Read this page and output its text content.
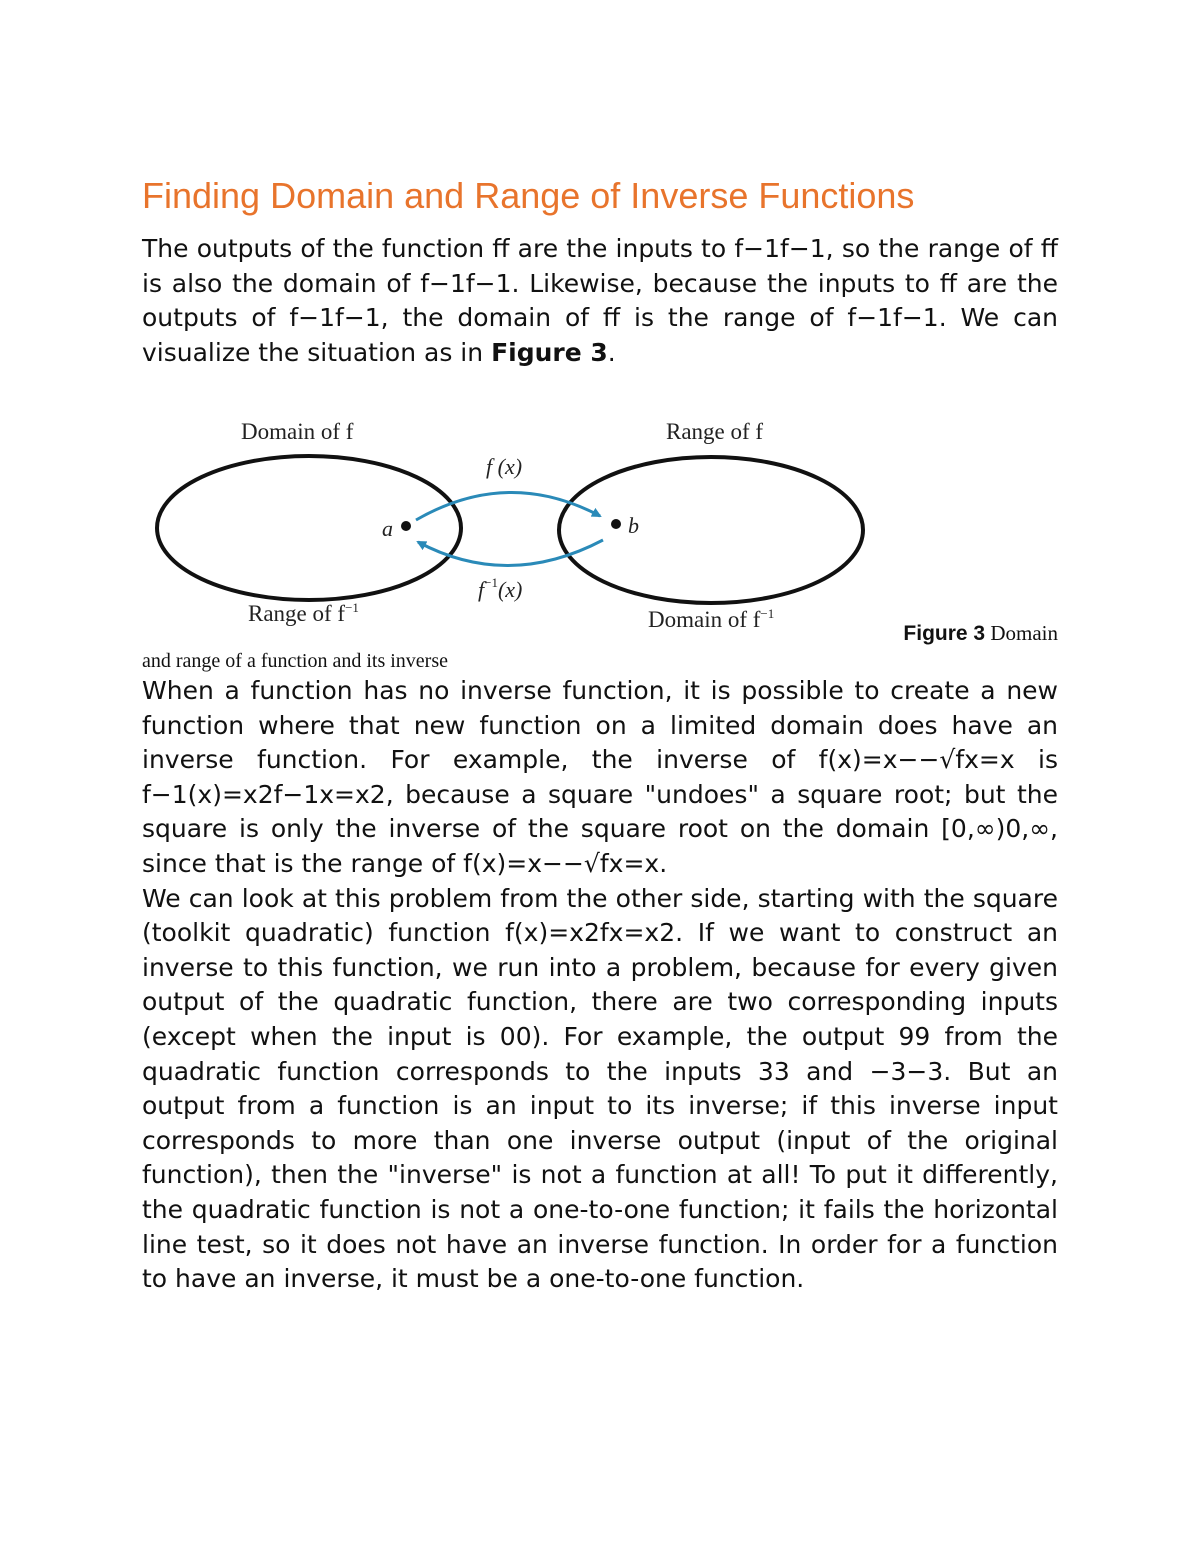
Finding Domain and Range of Inverse Functions

The outputs of the function ff are the inputs to f−1f−1, so the range of ff is also the domain of f−1f−1. Likewise, because the inputs to ff are the outputs of f−1f−1, the domain of ff is the range of f−1f−1. We can visualize the situation as in Figure 3.

Domain of f	Range of f
Range of $f^{-1}$	Domain of $f^{-1}$
f (x)
$f^{-1}(x)$
a	b
Figure 3 Domain
and range of a function and its inverse

When a function has no inverse function, it is possible to create a new function where that new function on a limited domain does have an inverse function. For example, the inverse of f(x)=x−−√fx=x is f−1(x)=x2f−1x=x2, because a square "undoes" a square root; but the square is only the inverse of the square root on the domain [0,∞)0,∞, since that is the range of f(x)=x−−√fx=x.

We can look at this problem from the other side, starting with the square (toolkit quadratic) function f(x)=x2fx=x2. If we want to construct an inverse to this function, we run into a problem, because for every given output of the quadratic function, there are two corresponding inputs (except when the input is 00). For example, the output 99 from the quadratic function corresponds to the inputs 33 and −3−3. But an output from a function is an input to its inverse; if this inverse input corresponds to more than one inverse output (input of the original function), then the "inverse" is not a function at all! To put it differently, the quadratic function is not a one-to-one function; it fails the horizontal line test, so it does not have an inverse function. In order for a function to have an inverse, it must be a one-to-one function.
